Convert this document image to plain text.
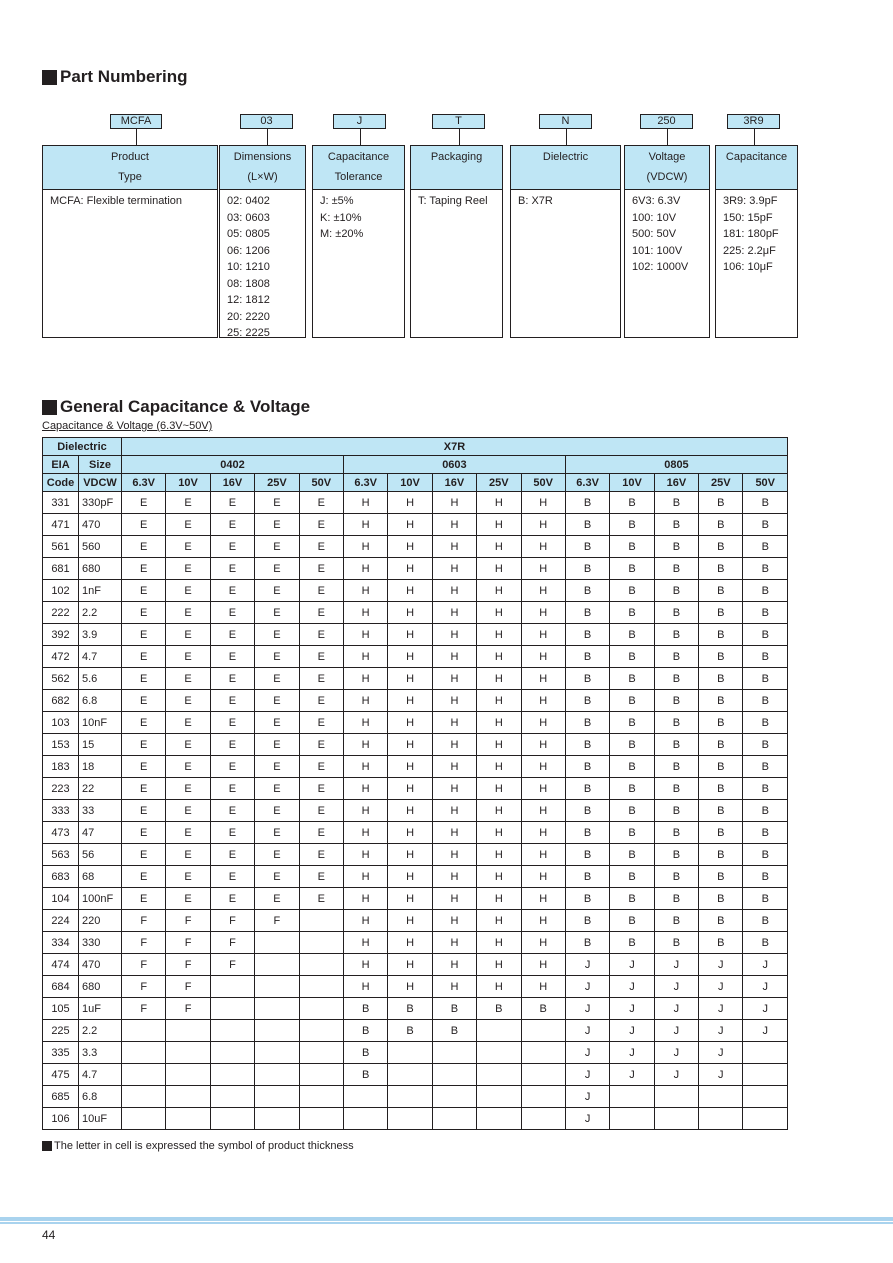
Part Numbering
MCFA	03	J	T	N	250	3R9
Product
Type
MCFA: Flexible termination
Dimensions
(L×W)
02: 0402
03: 0603
05: 0805
06: 1206
10: 1210
08: 1808
12: 1812
20: 2220
25: 2225
Capacitance
Tolerance
J: ±5%
K: ±10%
M: ±20%
Packaging
T: Taping Reel
Dielectric
B: X7R
Voltage
(VDCW)
6V3: 6.3V
100: 10V
500: 50V
101: 100V
102: 1000V
Capacitance
3R9: 3.9pF
150: 15pF
181: 180pF
225: 2.2μF
106: 10μF
General Capacitance & Voltage
Capacitance & Voltage (6.3V~50V)
Dielectric		X7R														
EIA	Size	0402					0603					0805				
Code	VDCW	6.3V	10V	16V	25V	50V	6.3V	10V	16V	25V	50V	6.3V	10V	16V	25V	50V
331	330pF	E	E	E	E	E	H	H	H	H	H	B	B	B	B	B
471	470	E	E	E	E	E	H	H	H	H	H	B	B	B	B	B
561	560	E	E	E	E	E	H	H	H	H	H	B	B	B	B	B
681	680	E	E	E	E	E	H	H	H	H	H	B	B	B	B	B
102	1nF	E	E	E	E	E	H	H	H	H	H	B	B	B	B	B
222	2.2	E	E	E	E	E	H	H	H	H	H	B	B	B	B	B
392	3.9	E	E	E	E	E	H	H	H	H	H	B	B	B	B	B
472	4.7	E	E	E	E	E	H	H	H	H	H	B	B	B	B	B
562	5.6	E	E	E	E	E	H	H	H	H	H	B	B	B	B	B
682	6.8	E	E	E	E	E	H	H	H	H	H	B	B	B	B	B
103	10nF	E	E	E	E	E	H	H	H	H	H	B	B	B	B	B
153	15	E	E	E	E	E	H	H	H	H	H	B	B	B	B	B
183	18	E	E	E	E	E	H	H	H	H	H	B	B	B	B	B
223	22	E	E	E	E	E	H	H	H	H	H	B	B	B	B	B
333	33	E	E	E	E	E	H	H	H	H	H	B	B	B	B	B
473	47	E	E	E	E	E	H	H	H	H	H	B	B	B	B	B
563	56	E	E	E	E	E	H	H	H	H	H	B	B	B	B	B
683	68	E	E	E	E	E	H	H	H	H	H	B	B	B	B	B
104	100nF	E	E	E	E	E	H	H	H	H	H	B	B	B	B	B
224	220	F	F	F	F		H	H	H	H	H	B	B	B	B	B
334	330	F	F	F			H	H	H	H	H	B	B	B	B	B
474	470	F	F	F			H	H	H	H	H	J	J	J	J	J
684	680	F	F				H	H	H	H	H	J	J	J	J	J
105	1uF	F	F				B	B	B	B	B	J	J	J	J	J
225	2.2						B	B	B			J	J	J	J	J
335	3.3						B					J	J	J	J	
475	4.7						B					J	J	J	J	
685	6.8											J				
106	10uF											J				
The letter in cell is expressed the symbol of product thickness
44
